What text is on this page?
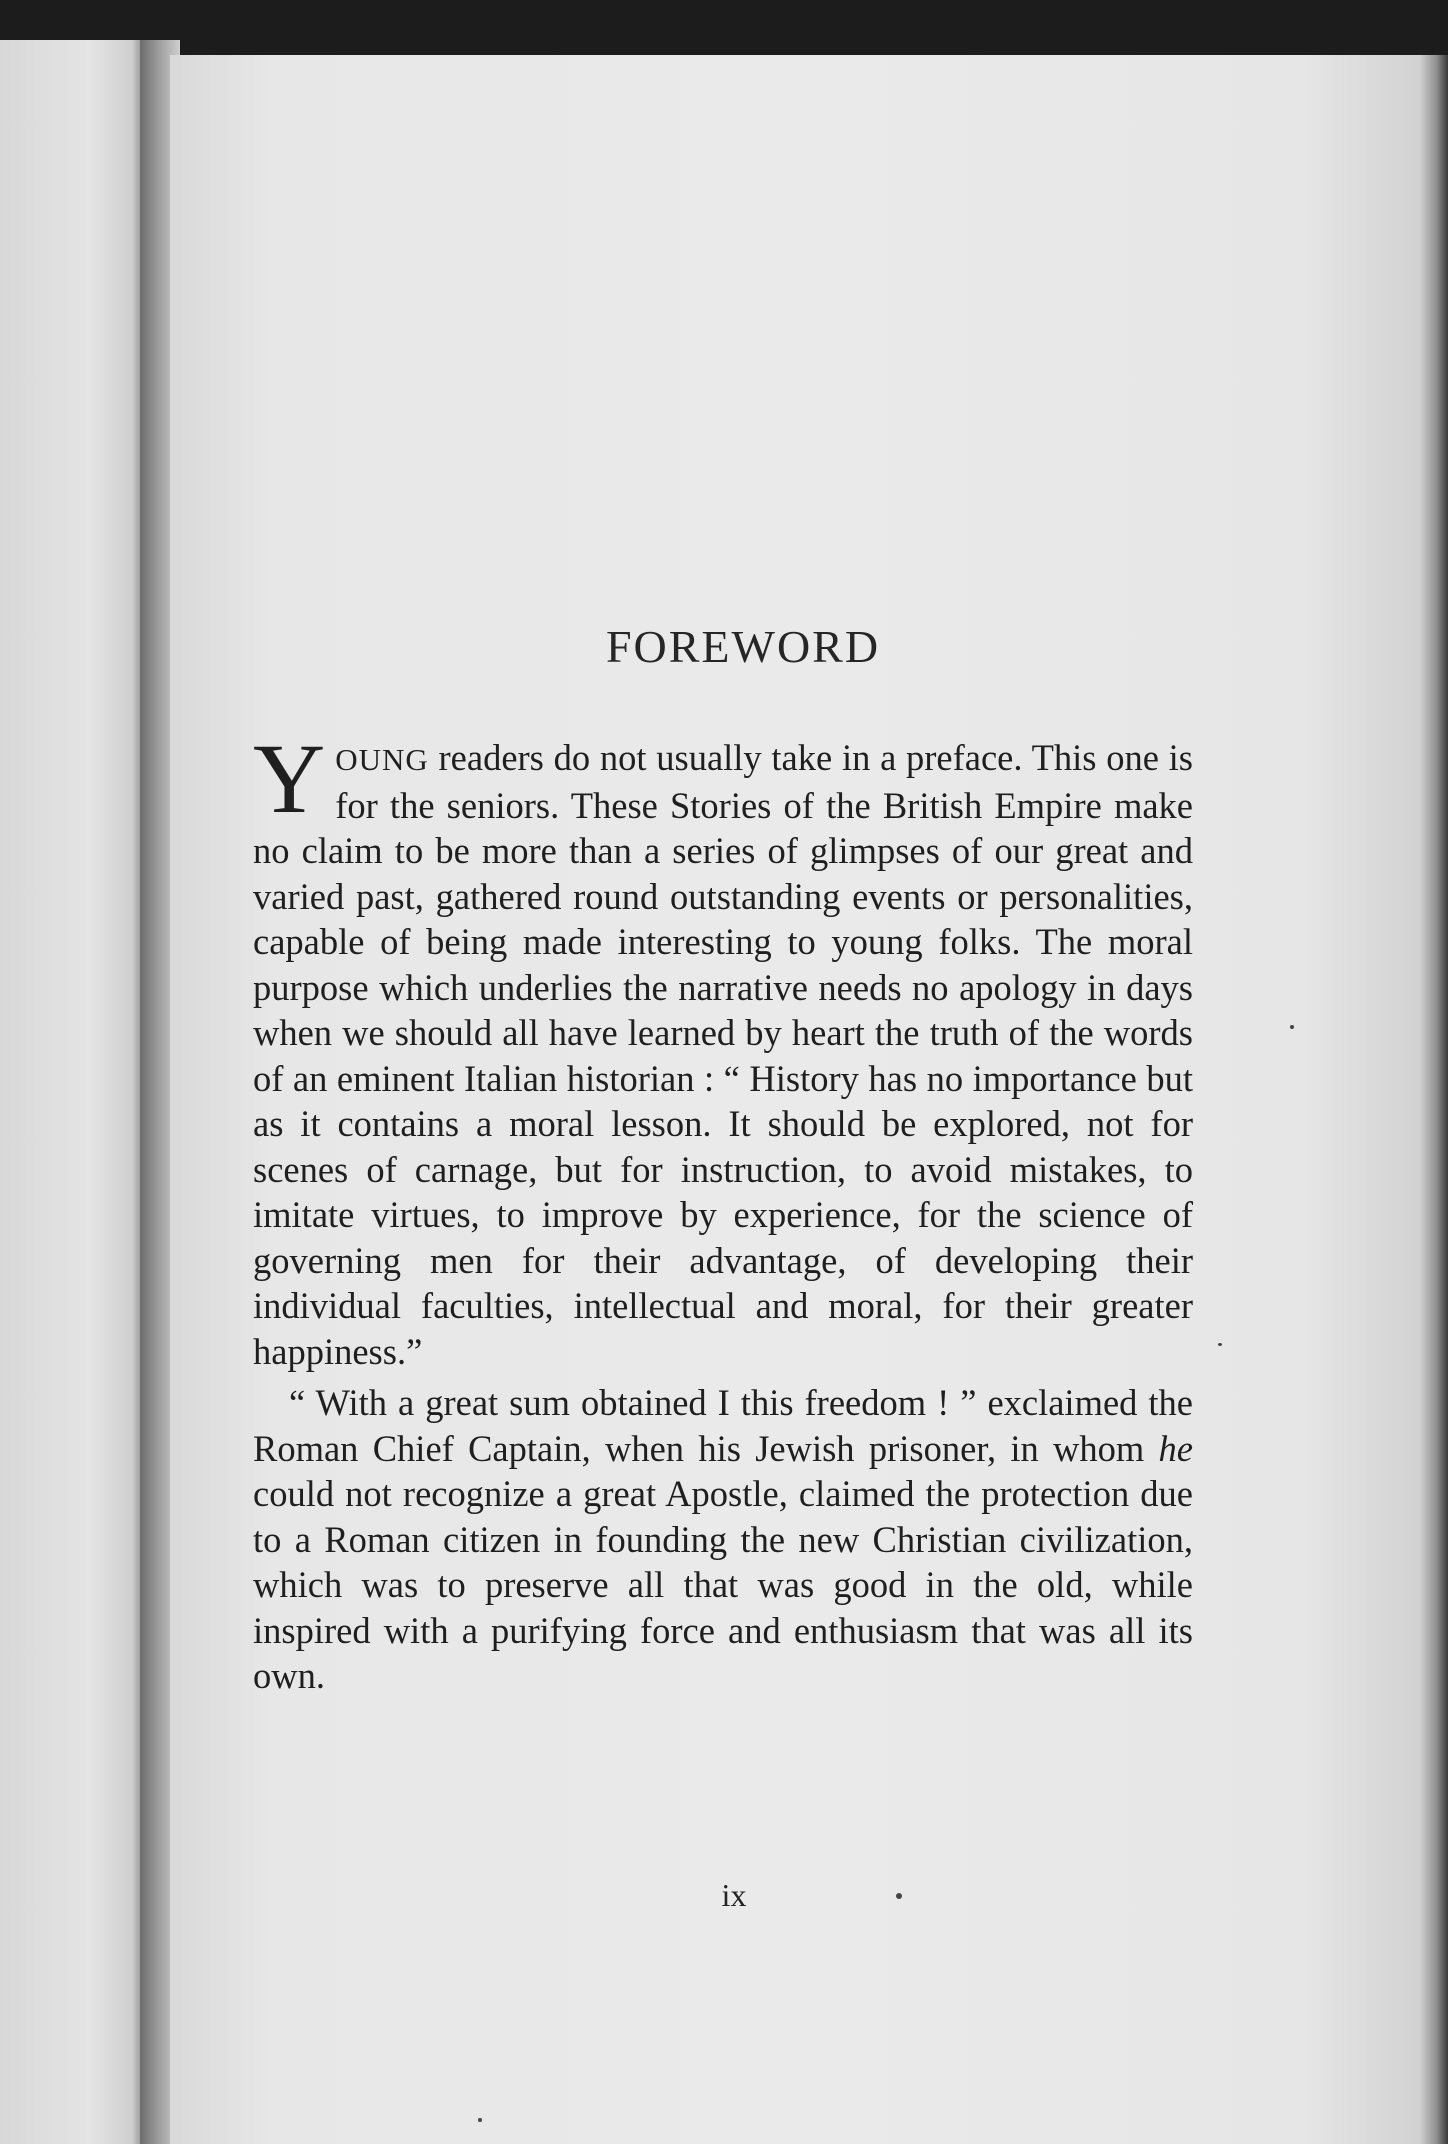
FOREWORD

YOUNG readers do not usually take in a preface. This one is for the seniors. These Stories of the British Empire make no claim to be more than a series of glimpses of our great and varied past, gathered round outstanding events or personalities, capable of being made interesting to young folks. The moral purpose which underlies the narrative needs no apology in days when we should all have learned by heart the truth of the words of an eminent Italian historian : “ History has no importance but as it contains a moral lesson. It should be explored, not for scenes of carnage, but for instruction, to avoid mistakes, to imitate virtues, to improve by experience, for the science of governing men for their advantage, of developing their individual faculties, intellectual and moral, for their greater happiness.”

“ With a great sum obtained I this freedom ! ” exclaimed the Roman Chief Captain, when his Jewish prisoner, in whom he could not recognize a great Apostle, claimed the protection due to a Roman citizen in founding the new Christian civilization, which was to preserve all that was good in the old, while inspired with a purifying force and enthusiasm that was all its own.

ix
